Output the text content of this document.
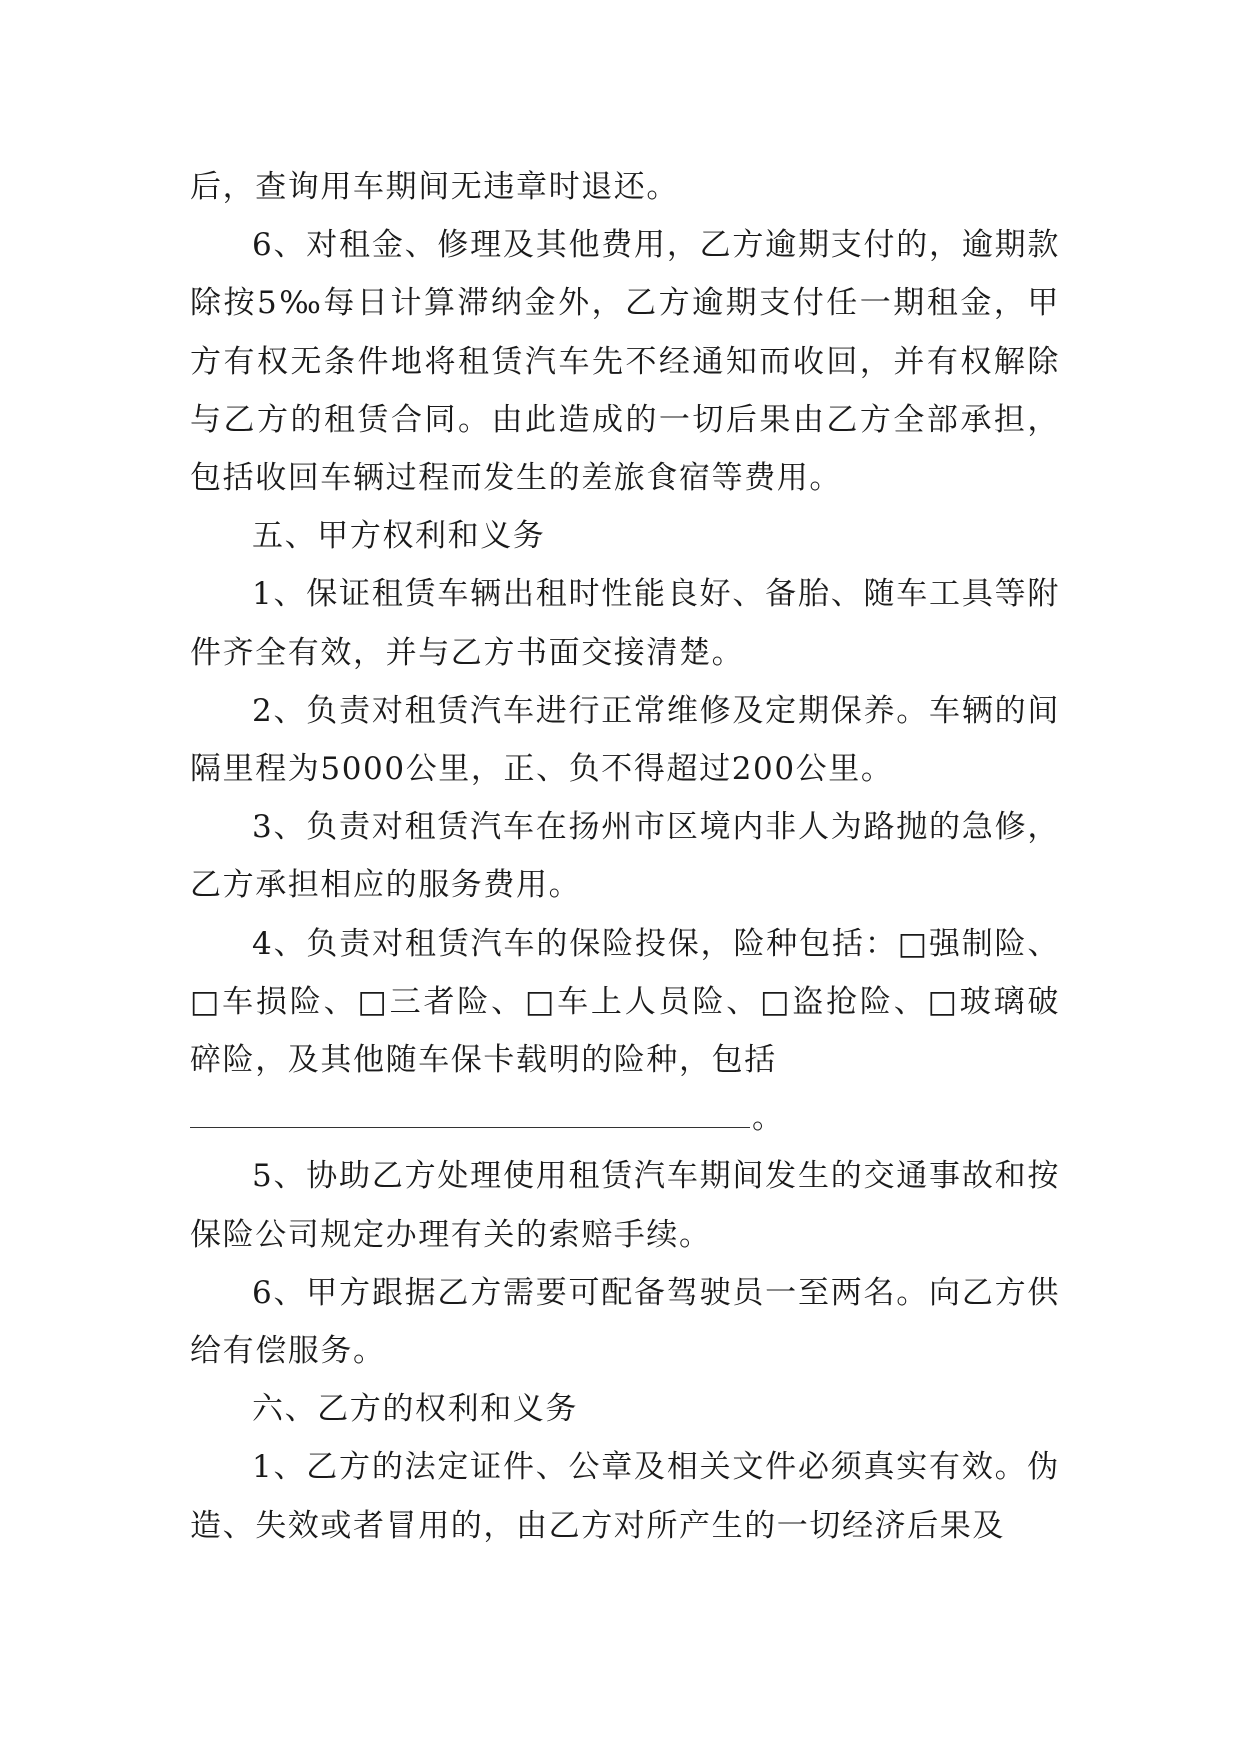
后，查询用车期间无违章时退还。

6、对租金、修理及其他费用，乙方逾期支付的，逾期款除按5‰每日计算滞纳金外，乙方逾期支付任一期租金，甲方有权无条件地将租赁汽车先不经通知而收回，并有权解除与乙方的租赁合同。由此造成的一切后果由乙方全部承担，包括收回车辆过程而发生的差旅食宿等费用。

五、甲方权利和义务

1、保证租赁车辆出租时性能良好、备胎、随车工具等附件齐全有效，并与乙方书面交接清楚。

2、负责对租赁汽车进行正常维修及定期保养。车辆的间隔里程为5000公里，正、负不得超过200公里。

3、负责对租赁汽车在扬州市区境内非人为路抛的急修，乙方承担相应的服务费用。

4、负责对租赁汽车的保险投保，险种包括：□强制险、□车损险、□三者险、□车上人员险、□盗抢险、□玻璃破碎险，及其他随车保卡载明的险种，包括
。

5、协助乙方处理使用租赁汽车期间发生的交通事故和按保险公司规定办理有关的索赔手续。

6、甲方跟据乙方需要可配备驾驶员一至两名。向乙方供给有偿服务。

六、乙方的权利和义务

1、乙方的法定证件、公章及相关文件必须真实有效。伪造、失效或者冒用的，由乙方对所产生的一切经济后果及
